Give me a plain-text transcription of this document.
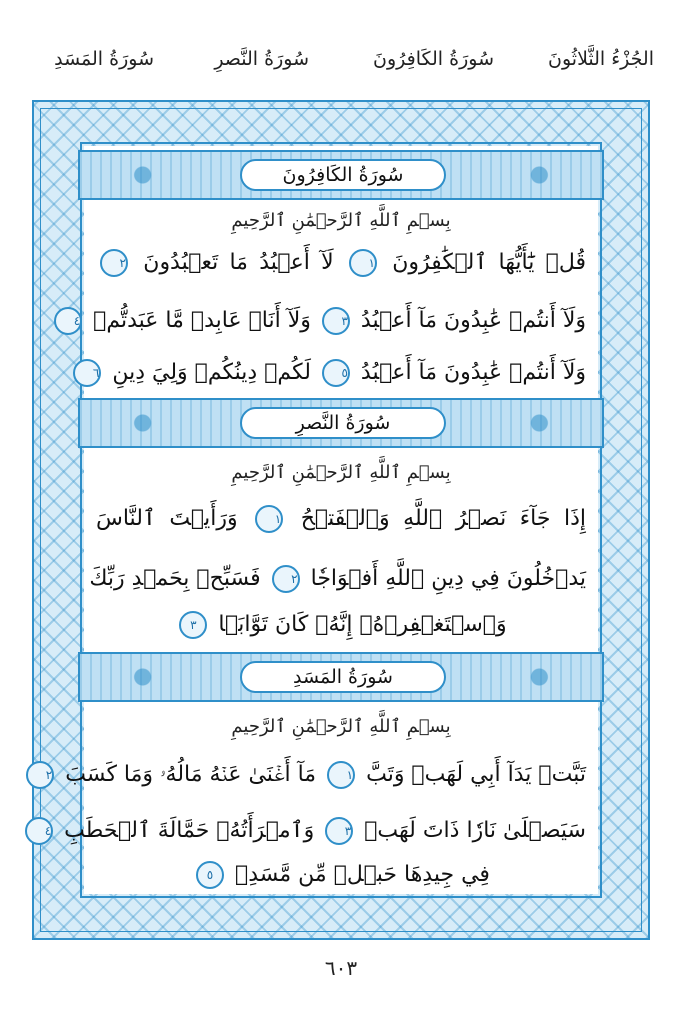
الجُزْءُ الثَّلاثُونَ
سُورَةُ الكَافِرُونَ
سُورَةُ النَّصرِ
سُورَةُ المَسَدِ
سُورَةُ الكَافِرُونَ
بِسۡمِ ٱللَّهِ ٱلرَّحۡمَٰنِ ٱلرَّحِيمِ
قُلۡ يَٰٓأَيُّهَا ٱلۡكَٰفِرُونَ ١ لَآ أَعۡبُدُ مَا تَعۡبُدُونَ ٢
وَلَآ أَنتُمۡ عَٰبِدُونَ مَآ أَعۡبُدُ ٣ وَلَآ أَنَا۠ عَابِدٞ مَّا عَبَدتُّمۡ ٤
وَلَآ أَنتُمۡ عَٰبِدُونَ مَآ أَعۡبُدُ ٥ لَكُمۡ دِينُكُمۡ وَلِيَ دِينِ ٦
سُورَةُ النَّصرِ
بِسۡمِ ٱللَّهِ ٱلرَّحۡمَٰنِ ٱلرَّحِيمِ
إِذَا جَآءَ نَصۡرُ ٱللَّهِ وَٱلۡفَتۡحُ ١ وَرَأَيۡتَ ٱلنَّاسَ
يَدۡخُلُونَ فِي دِينِ ٱللَّهِ أَفۡوَاجٗا ٢ فَسَبِّحۡ بِحَمۡدِ رَبِّكَ
وَٱسۡتَغۡفِرۡهُۚ إِنَّهُۥ كَانَ تَوَّابَۢا ٣
سُورَةُ المَسَدِ
بِسۡمِ ٱللَّهِ ٱلرَّحۡمَٰنِ ٱلرَّحِيمِ
تَبَّتۡ يَدَآ أَبِي لَهَبٖ وَتَبَّ ١ مَآ أَغۡنَىٰ عَنۡهُ مَالُهُۥ وَمَا كَسَبَ ٢
سَيَصۡلَىٰ نَارٗا ذَاتَ لَهَبٖ ٣ وَٱمۡرَأَتُهُۥ حَمَّالَةَ ٱلۡحَطَبِ ٤
فِي جِيدِهَا حَبۡلٞ مِّن مَّسَدِۭ ٥
٦٠٣
